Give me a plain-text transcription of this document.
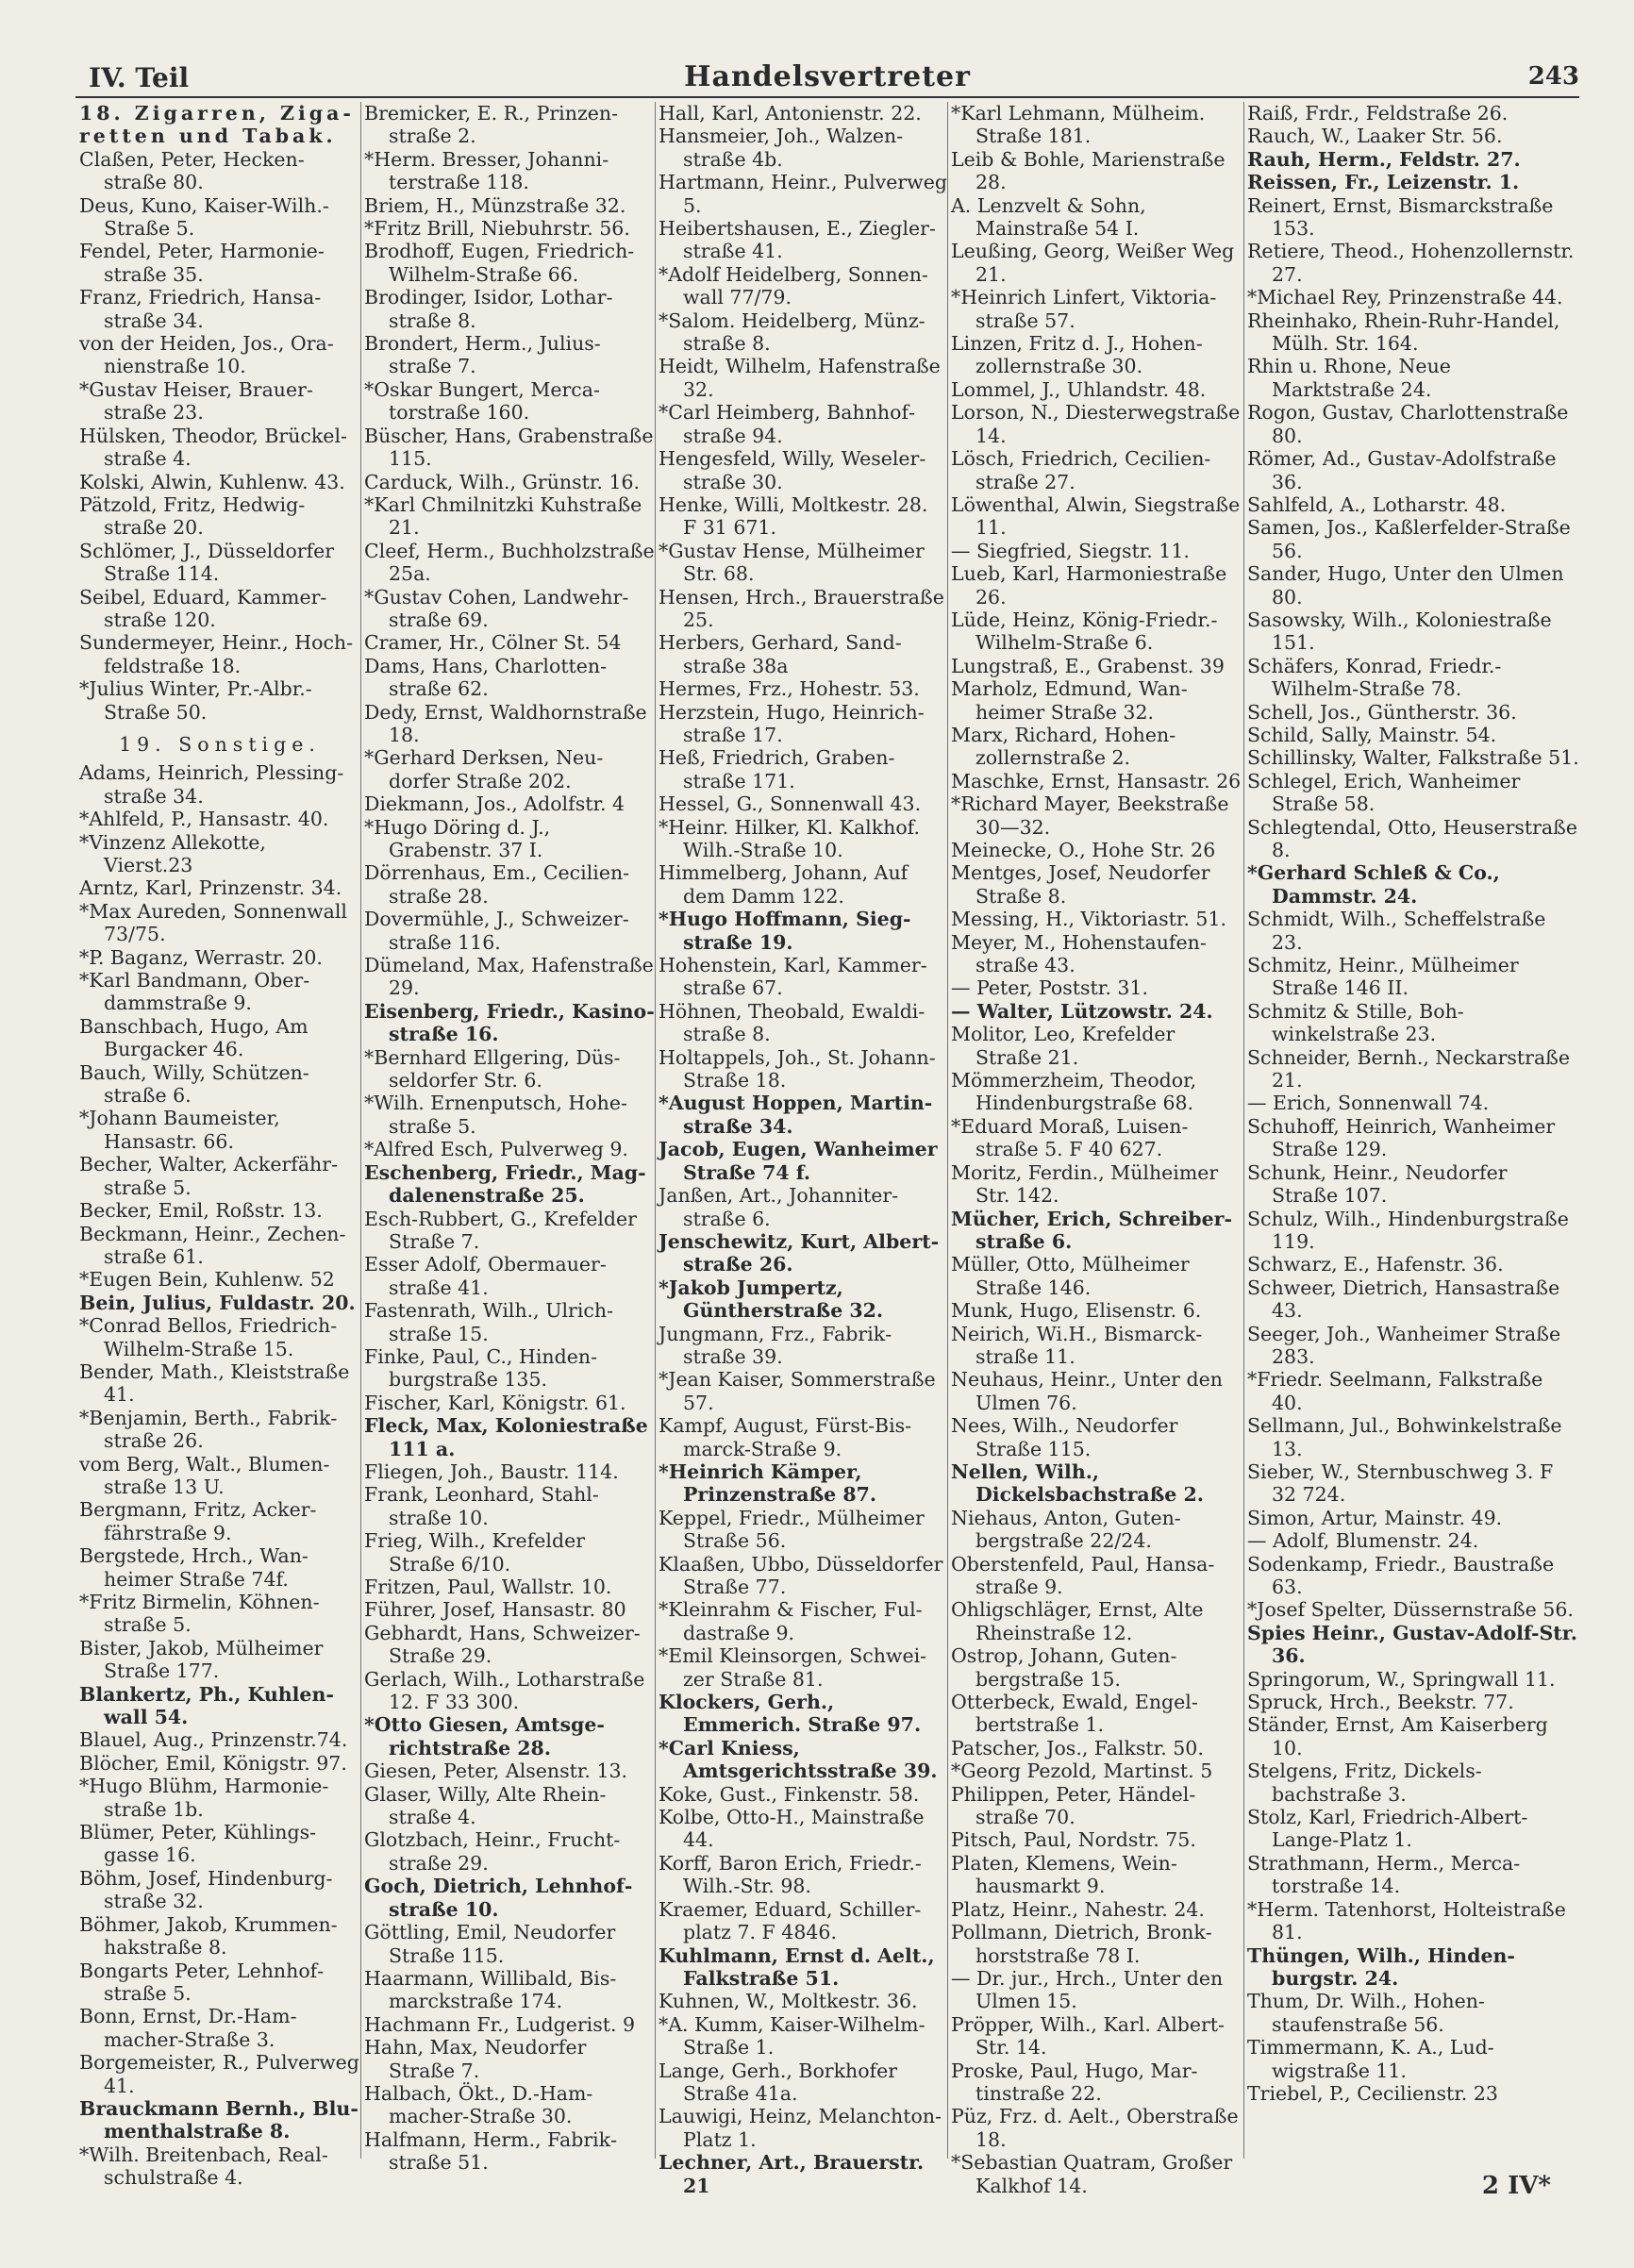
IV. Teil	Handelsvertreter	243

18. Zigarren, Zigaretten und Tabak.

Claßen, Peter, Heckenstraße 80.

Deus, Kuno, Kaiser-Wilh.-Straße 5.

Fendel, Peter, Harmoniestraße 35.

Franz, Friedrich, Hansastraße 34.

von der Heiden, Jos., Oranienstraße 10.

*Gustav Heiser, Brauerstraße 23.

Hülsken, Theodor, Brückelstraße 4.

Kolski, Alwin, Kuhlenw. 43.

Pätzold, Fritz, Hedwigstraße 20.

Schlömer, J., Düsseldorfer Straße 114.

Seibel, Eduard, Kammerstraße 120.

Sundermeyer, Heinr., Hochfeldstraße 18.

*Julius Winter, Pr.-Albr.-Straße 50.

19. Sonstige.

Adams, Heinrich, Plessingstraße 34.

*Ahlfeld, P., Hansastr. 40.

*Vinzenz Allekotte, Vierst.23

Arntz, Karl, Prinzenstr. 34.

*Max Aureden, Sonnenwall 73/75.

*P. Baganz, Werrastr. 20.

*Karl Bandmann, Oberdammstraße 9.

Banschbach, Hugo, Am Burgacker 46.

Bauch, Willy, Schützenstraße 6.

*Johann Baumeister, Hansastr. 66.

Becher, Walter, Ackerfährstraße 5.

Becker, Emil, Roßstr. 13.

Beckmann, Heinr., Zechenstraße 61.

*Eugen Bein, Kuhlenw. 52

Bein, Julius, Fuldastr. 20.

*Conrad Bellos, Friedrich-Wilhelm-Straße 15.

Bender, Math., Kleiststraße 41.

*Benjamin, Berth., Fabrikstraße 26.

vom Berg, Walt., Blumenstraße 13 U.

Bergmann, Fritz, Ackerfährstraße 9.

Bergstede, Hrch., Wanheimer Straße 74f.

*Fritz Birmelin, Köhnenstraße 5.

Bister, Jakob, Mülheimer Straße 177.

Blankertz, Ph., Kuhlenwall 54.

Blauel, Aug., Prinzenstr.74.

Blöcher, Emil, Königstr. 97.

*Hugo Blühm, Harmoniestraße 1b.

Blümer, Peter, Kühlingsgasse 16.

Böhm, Josef, Hindenburgstraße 32.

Böhmer, Jakob, Krummenhakstraße 8.

Bongarts Peter, Lehnhofstraße 5.

Bonn, Ernst, Dr.-Hammacher-Straße 3.

Borgemeister, R., Pulverweg 41.

Brauckmann Bernh., Blumenthalstraße 8.

*Wilh. Breitenbach, Realschulstraße 4.

Bremicker, E. R., Prinzenstraße 2.

*Herm. Bresser, Johanniterstraße 118.

Briem, H., Münzstraße 32.

*Fritz Brill, Niebuhrstr. 56.

Brodhoff, Eugen, Friedrich-Wilhelm-Straße 66.

Brodinger, Isidor, Lotharstraße 8.

Brondert, Herm., Juliusstraße 7.

*Oskar Bungert, Mercatorstraße 160.

Büscher, Hans, Grabenstraße 115.

Carduck, Wilh., Grünstr. 16.

*Karl Chmilnitzki Kuhstraße 21.

Cleef, Herm., Buchholzstraße 25a.

*Gustav Cohen, Landwehrstraße 69.

Cramer, Hr., Cölner St. 54

Dams, Hans, Charlottenstraße 62.

Dedy, Ernst, Waldhornstraße 18.

*Gerhard Derksen, Neudorfer Straße 202.

Diekmann, Jos., Adolfstr. 4

*Hugo Döring d. J., Grabenstr. 37 I.

Dörrenhaus, Em., Cecilienstraße 28.

Dovermühle, J., Schweizerstraße 116.

Dümeland, Max, Hafenstraße 29.

Eisenberg, Friedr., Kasinostraße 16.

*Bernhard Ellgering, Düsseldorfer Str. 6.

*Wilh. Ernenputsch, Hohestraße 5.

*Alfred Esch, Pulverweg 9.

Eschenberg, Friedr., Magdalenenstraße 25.

Esch-Rubbert, G., Krefelder Straße 7.

Esser Adolf, Obermauerstraße 41.

Fastenrath, Wilh., Ulrichstraße 15.

Finke, Paul, C., Hindenburgstraße 135.

Fischer, Karl, Königstr. 61.

Fleck, Max, Koloniestraße 111 a.

Fliegen, Joh., Baustr. 114.

Frank, Leonhard, Stahlstraße 10.

Frieg, Wilh., Krefelder Straße 6/10.

Fritzen, Paul, Wallstr. 10.

Führer, Josef, Hansastr. 80

Gebhardt, Hans, Schweizer-Straße 29.

Gerlach, Wilh., Lotharstraße 12. F 33 300.

*Otto Giesen, Amtsgerichtstraße 28.

Giesen, Peter, Alsenstr. 13.

Glaser, Willy, Alte Rheinstraße 4.

Glotzbach, Heinr., Fruchtstraße 29.

Goch, Dietrich, Lehnhofstraße 10.

Göttling, Emil, Neudorfer Straße 115.

Haarmann, Willibald, Bismarckstraße 174.

Hachmann Fr., Ludgerist. 9

Hahn, Max, Neudorfer Straße 7.

Halbach, Ökt., D.-Hammacher-Straße 30.

Halfmann, Herm., Fabrikstraße 51.

Hall, Karl, Antonienstr. 22.

Hansmeier, Joh., Walzenstraße 4b.

Hartmann, Heinr., Pulverweg 5.

Heibertshausen, E., Zieglerstraße 41.

*Adolf Heidelberg, Sonnenwall 77/79.

*Salom. Heidelberg, Münzstraße 8.

Heidt, Wilhelm, Hafenstraße 32.

*Carl Heimberg, Bahnhofstraße 94.

Hengesfeld, Willy, Weselerstraße 30.

Henke, Willi, Moltkestr. 28. F 31 671.

*Gustav Hense, Mülheimer Str. 68.

Hensen, Hrch., Brauerstraße 25.

Herbers, Gerhard, Sandstraße 38a

Hermes, Frz., Hohestr. 53.

Herzstein, Hugo, Heinrichstraße 17.

Heß, Friedrich, Grabenstraße 171.

Hessel, G., Sonnenwall 43.

*Heinr. Hilker, Kl. Kalkhof. Wilh.-Straße 10.

Himmelberg, Johann, Auf dem Damm 122.

*Hugo Hoffmann, Siegstraße 19.

Hohenstein, Karl, Kammerstraße 67.

Höhnen, Theobald, Ewaldistraße 8.

Holtappels, Joh., St. Johann-Straße 18.

*August Hoppen, Martinstraße 34.

Jacob, Eugen, Wanheimer Straße 74 f.

Janßen, Art., Johanniterstraße 6.

Jenschewitz, Kurt, Albertstraße 26.

*Jakob Jumpertz, Güntherstraße 32.

Jungmann, Frz., Fabrikstraße 39.

*Jean Kaiser, Sommerstraße 57.

Kampf, August, Fürst-Bismarck-Straße 9.

*Heinrich Kämper, Prinzenstraße 87.

Keppel, Friedr., Mülheimer Straße 56.

Klaaßen, Ubbo, Düsseldorfer Straße 77.

*Kleinrahm & Fischer, Fuldastraße 9.

*Emil Kleinsorgen, Schweizer Straße 81.

Klockers, Gerh., Emmerich. Straße 97.

*Carl Kniess, Amtsgerichtsstraße 39.

Koke, Gust., Finkenstr. 58.

Kolbe, Otto-H., Mainstraße 44.

Korff, Baron Erich, Friedr.-Wilh.-Str. 98.

Kraemer, Eduard, Schillerplatz 7. F 4846.

Kuhlmann, Ernst d. Aelt., Falkstraße 51.

Kuhnen, W., Moltkestr. 36.

*A. Kumm, Kaiser-Wilhelm-Straße 1.

Lange, Gerh., Borkhofer Straße 41a.

Lauwigi, Heinz, Melanchton-Platz 1.

Lechner, Art., Brauerstr. 21

*Karl Lehmann, Mülheim. Straße 181.

Leib & Bohle, Marienstraße 28.

A. Lenzvelt & Sohn, Mainstraße 54 I.

Leußing, Georg, Weißer Weg 21.

*Heinrich Linfert, Viktoriastraße 57.

Linzen, Fritz d. J., Hohenzollernstraße 30.

Lommel, J., Uhlandstr. 48.

Lorson, N., Diesterwegstraße 14.

Lösch, Friedrich, Cecilienstraße 27.

Löwenthal, Alwin, Siegstraße 11.

— Siegfried, Siegstr. 11.

Lueb, Karl, Harmoniestraße 26.

Lüde, Heinz, König-Friedr.-Wilhelm-Straße 6.

Lungstraß, E., Grabenst. 39

Marholz, Edmund, Wanheimer Straße 32.

Marx, Richard, Hohenzollernstraße 2.

Maschke, Ernst, Hansastr. 26

*Richard Mayer, Beekstraße 30—32.

Meinecke, O., Hohe Str. 26

Mentges, Josef, Neudorfer Straße 8.

Messing, H., Viktoriastr. 51.

Meyer, M., Hohenstaufenstraße 43.

— Peter, Poststr. 31.

— Walter, Lützowstr. 24.

Molitor, Leo, Krefelder Straße 21.

Mömmerzheim, Theodor, Hindenburgstraße 68.

*Eduard Moraß, Luisenstraße 5. F 40 627.

Moritz, Ferdin., Mülheimer Str. 142.

Mücher, Erich, Schreiberstraße 6.

Müller, Otto, Mülheimer Straße 146.

Munk, Hugo, Elisenstr. 6.

Neirich, Wi.H., Bismarckstraße 11.

Neuhaus, Heinr., Unter den Ulmen 76.

Nees, Wilh., Neudorfer Straße 115.

Nellen, Wilh., Dickelsbachstraße 2.

Niehaus, Anton, Gutenbergstraße 22/24.

Oberstenfeld, Paul, Hansastraße 9.

Ohligschläger, Ernst, Alte Rheinstraße 12.

Ostrop, Johann, Gutenbergstraße 15.

Otterbeck, Ewald, Engelbertstraße 1.

Patscher, Jos., Falkstr. 50.

*Georg Pezold, Martinst. 5

Philippen, Peter, Händelstraße 70.

Pitsch, Paul, Nordstr. 75.

Platen, Klemens, Weinhausmarkt 9.

Platz, Heinr., Nahestr. 24.

Pollmann, Dietrich, Bronkhorststraße 78 I.

— Dr. jur., Hrch., Unter den Ulmen 15.

Pröpper, Wilh., Karl. Albert-Str. 14.

Proske, Paul, Hugo, Martinstraße 22.

Püz, Frz. d. Aelt., Oberstraße 18.

*Sebastian Quatram, Großer Kalkhof 14.

Raiß, Frdr., Feldstraße 26.

Rauch, W., Laaker Str. 56.

Rauh, Herm., Feldstr. 27.

Reissen, Fr., Leizenstr. 1.

Reinert, Ernst, Bismarckstraße 153.

Retiere, Theod., Hohenzollernstr. 27.

*Michael Rey, Prinzenstraße 44.

Rheinhako, Rhein-Ruhr-Handel, Mülh. Str. 164.

Rhin u. Rhone, Neue Marktstraße 24.

Rogon, Gustav, Charlottenstraße 80.

Römer, Ad., Gustav-Adolfstraße 36.

Sahlfeld, A., Lotharstr. 48.

Samen, Jos., Kaßlerfelder-Straße 56.

Sander, Hugo, Unter den Ulmen 80.

Sasowsky, Wilh., Koloniestraße 151.

Schäfers, Konrad, Friedr.-Wilhelm-Straße 78.

Schell, Jos., Güntherstr. 36.

Schild, Sally, Mainstr. 54.

Schillinsky, Walter, Falkstraße 51.

Schlegel, Erich, Wanheimer Straße 58.

Schlegtendal, Otto, Heuserstraße 8.

*Gerhard Schleß & Co., Dammstr. 24.

Schmidt, Wilh., Scheffelstraße 23.

Schmitz, Heinr., Mülheimer Straße 146 II.

Schmitz & Stille, Bohwinkelstraße 23.

Schneider, Bernh., Neckarstraße 21.

— Erich, Sonnenwall 74.

Schuhoff, Heinrich, Wanheimer Straße 129.

Schunk, Heinr., Neudorfer Straße 107.

Schulz, Wilh., Hindenburgstraße 119.

Schwarz, E., Hafenstr. 36.

Schweer, Dietrich, Hansastraße 43.

Seeger, Joh., Wanheimer Straße 283.

*Friedr. Seelmann, Falkstraße 40.

Sellmann, Jul., Bohwinkelstraße 13.

Sieber, W., Sternbuschweg 3. F 32 724.

Simon, Artur, Mainstr. 49.

— Adolf, Blumenstr. 24.

Sodenkamp, Friedr., Baustraße 63.

*Josef Spelter, Düssernstraße 56.

Spies Heinr., Gustav-Adolf-Str. 36.

Springorum, W., Springwall 11.

Spruck, Hrch., Beekstr. 77.

Ständer, Ernst, Am Kaiserberg 10.

Stelgens, Fritz, Dickelsbachstraße 3.

Stolz, Karl, Friedrich-Albert-Lange-Platz 1.

Strathmann, Herm., Mercatorstraße 14.

*Herm. Tatenhorst, Holteistraße 81.

Thüngen, Wilh., Hindenburgstr. 24.

Thum, Dr. Wilh., Hohenstaufenstraße 56.

Timmermann, K. A., Ludwigstraße 11.

Triebel, P., Cecilienstr. 23

2 IV*
